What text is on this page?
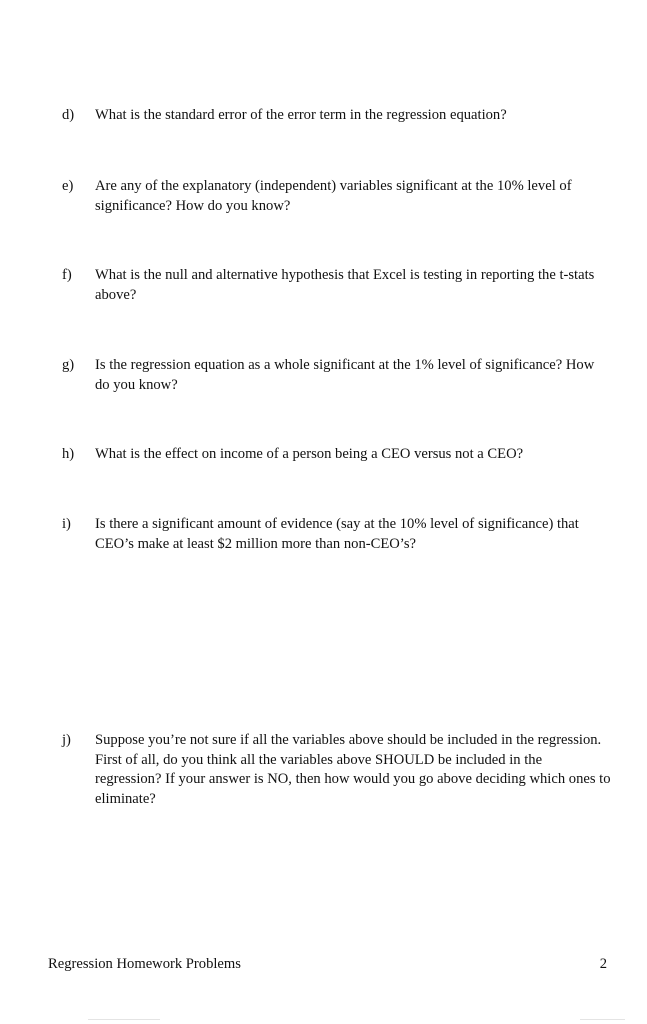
d) What is the standard error of the error term in the regression equation?
e) Are any of the explanatory (independent) variables significant at the 10% level of significance? How do you know?
f) What is the null and alternative hypothesis that Excel is testing in reporting the t-stats above?
g) Is the regression equation as a whole significant at the 1% level of significance? How do you know?
h) What is the effect on income of a person being a CEO versus not a CEO?
i) Is there a significant amount of evidence (say at the 10% level of significance) that CEO’s make at least $2 million more than non-CEO’s?
j) Suppose you’re not sure if all the variables above should be included in the regression. First of all, do you think all the variables above SHOULD be included in the regression? If your answer is NO, then how would you go above deciding which ones to eliminate?
Regression Homework Problems	2
